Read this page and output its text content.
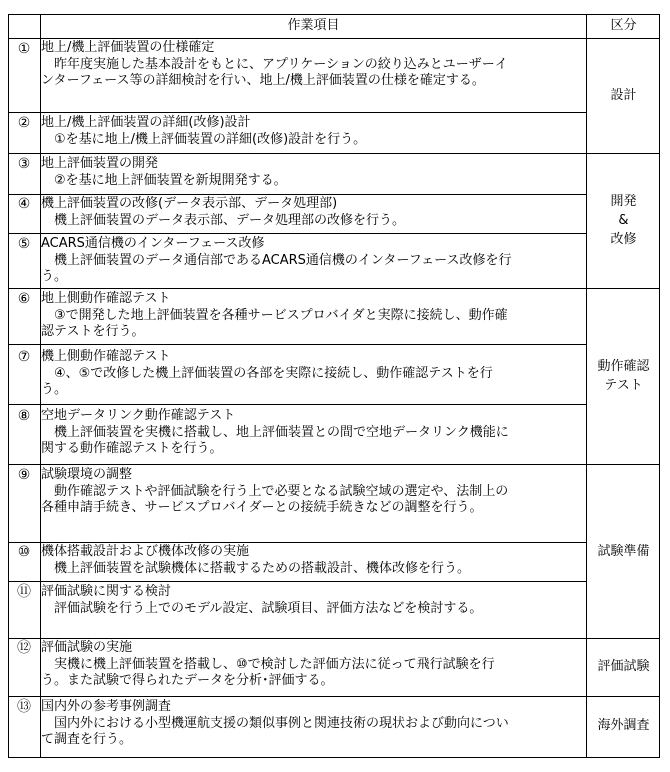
作業項目	区分
① 地上/機上評価装置の仕様確定
　昨年度実施した基本設計をもとに、アプリケーションの絞り込みとユーザーイ
ンターフェース等の詳細検討を行い、地上/機上評価装置の仕様を確定する。
② 地上/機上評価装置の詳細(改修)設計
　①を基に地上/機上評価装置の詳細(改修)設計を行う。
③ 地上評価装置の開発
　②を基に地上評価装置を新規開発する。
④ 機上評価装置の改修(データ表示部、データ処理部)
　機上評価装置のデータ表示部、データ処理部の改修を行う。
⑤ ACARS通信機のインターフェース改修
　機上評価装置のデータ通信部であるACARS通信機のインターフェース改修を行
う。
⑥ 地上側動作確認テスト
　③で開発した地上評価装置を各種サービスプロバイダと実際に接続し、動作確
認テストを行う。
⑦ 機上側動作確認テスト
　④、⑤で改修した機上評価装置の各部を実際に接続し、動作確認テストを行
う。
⑧ 空地データリンク動作確認テスト
　機上評価装置を実機に搭載し、地上評価装置との間で空地データリンク機能に
関する動作確認テストを行う。
⑨ 試験環境の調整
　動作確認テストや評価試験を行う上で必要となる試験空域の選定や、法制上の
各種申請手続き、サービスプロバイダーとの接続手続きなどの調整を行う。
⑩ 機体搭載設計および機体改修の実施
　機上評価装置を試験機体に搭載するための搭載設計、機体改修を行う。
⑪ 評価試験に関する検討
　評価試験を行う上でのモデル設定、試験項目、評価方法などを検討する。
⑫ 評価試験の実施
　実機に機上評価装置を搭載し、⑩で検討した評価方法に従って飛行試験を行
う。また試験で得られたデータを分析･評価する。
⑬ 国内外の参考事例調査
　国内外における小型機運航支援の類似事例と関連技術の現状および動向につい
て調査を行う。
設計
開発
&
改修
動作確認
テスト
試験準備
評価試験
海外調査
